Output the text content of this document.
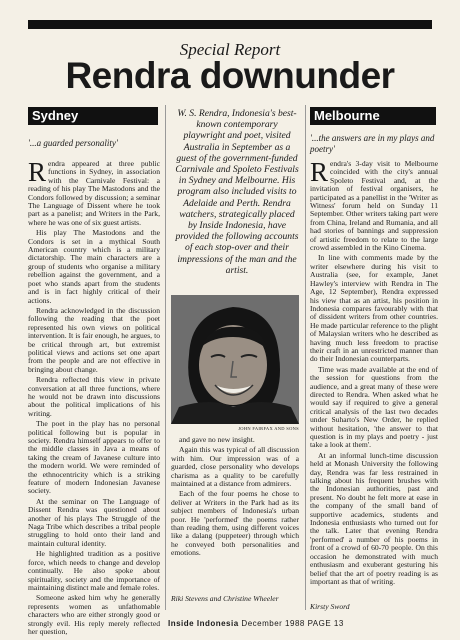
Special Report
Rendra downunder
Sydney
'...a guarded personality'

Rendra appeared at three public functions in Sydney, in association with the Carnivale Festival: a reading of his play The Mastodons and the Condors followed by discussion; a seminar The Language of Dissent where he took part as a panelist; and Writers in the Park, where he was one of six guest artists.

His play The Mastodons and the Condors is set in a mythical South American country which is a military dictatorship. The main characters are a group of students who organise a military rebellion against the government, and a poet who stands apart from the students and is in fact highly critical of their actions.

Rendra acknowledged in the discussion following the reading that the poet represented his own views on political intervention. It is fair enough, he argues, to be critical through art, but extremist political views and actions set one apart from the people and are not effective in bringing about change.

Rendra reflected this view in private conversation at all three functions, where he would not be drawn into discussions about the political implications of his writing.

The poet in the play has no personal political following but is popular in society. Rendra himself appears to offer to the middle classes in Java a means of taking the cream of Javanese culture into the modern world. We were reminded of the ethnocentricity which is a striking feature of modern Indonesian Javanese society.

At the seminar on The Language of Dissent Rendra was questioned about another of his plays The Struggle of the Naga Tribe which describes a tribal people struggling to hold onto their land and maintain cultural identity.

He highlighted tradition as a positive force, which needs to change and develop continually. He also spoke about spirituality, society and the importance of maintaining distinct male and female roles.

Someone asked him why he generally represents women as unfathomable characters who are either strongly good or strongly evil. His reply merely reflected her question,

W. S. Rendra, Indonesia's best-known contemporary playwright and poet, visited Australia in September as a guest of the government-funded Carnivale and Spoleto Festivals in Sydney and Melbourne. His program also included visits to Adelaide and Perth. Rendra watchers, strategically placed by Inside Indonesia, have provided the following accounts of each stop-over and their impressions of the man and the artist.
JOHN FAIRFAX AND SONS

and gave no new insight.

Again this was typical of all discussion with him. Our impression was of a guarded, close personality who develops charisma as a quality to be carefully maintained at a distance from admirers.

Each of the four poems he chose to deliver at Writers in the Park had as its subject members of Indonesia's urban poor. He 'performed' the poems rather than reading them, using different voices like a dalang (puppeteer) through which he conveyed both personalities and emotions.

Riki Stevens and Christine Wheeler
Melbourne
'...the answers are in my plays and poetry'

Rendra's 3-day visit to Melbourne coincided with the city's annual Spoleto Festival and, at the invitation of festival organisers, he participated as a panellist in the 'Writer as Witness' forum held on Sunday 11 September. Other writers taking part were from China, Ireland and Rumania, and all had stories of bannings and suppression of artistic freedom to relate to the large crowd assembled in the Kino Cinema.

In line with comments made by the writer elsewhere during his visit to Australia (see, for example, Janet Hawley's interview with Rendra in The Age, 12 September), Rendra expressed his view that as an artist, his position in Indonesia compares favourably with that of dissident writers from other countries. He made particular reference to the plight of Malaysian writers who he described as having much less freedom to practise their craft in an unrestricted manner than do their Indonesian counterparts.

Time was made available at the end of the session for questions from the audience, and a great many of these were directed to Rendra. When asked what he would say if required to give a general critical analysis of the last two decades under Suharto's New Order, he replied without hesitation, 'the answer to that question is in my plays and poetry - just take a look at them'.

At an informal lunch-time discussion held at Monash University the following day, Rendra was far less restrained in talking about his frequent brushes with the Indonesian authorities, past and present. No doubt he felt more at ease in the company of the small band of supportive academics, students and Indonesia enthusiasts who turned out for the talk. Later that evening Rendra 'performed' a number of his poems in front of a crowd of 60-70 people. On this occasion he demonstrated with much enthusiasm and exuberant gesturing his belief that the art of poetry reading is as important as that of writing.

Kirsty Sword
Inside Indonesia December 1988 PAGE 13
